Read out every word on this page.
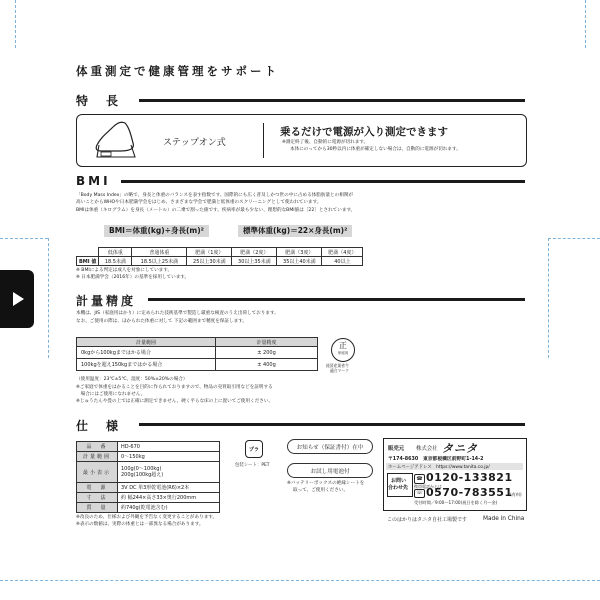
体重測定で健康管理をサポート
特　長
ステップオン式
乗るだけで電源が入り測定できます
※測定終了後、自動的に電源が切れます。
本体にのってから30秒以内に体重が確定しない場合は、自動的に電源が切れます。
BMI
「Body Mass Index」の略で、身長と体重のバランスを表す指数です。国際的にも広く普及しかつ世の中に占める体脂肪量との相関が
高いことからWHOや日本肥満学会をはじめ、さまざまな学会で肥満と低体重のスクリーニングとして使われています。
BMIは体重（キログラム）を身長（メートル）の二乗で割った値です。疾病率が最も少ない、理想的なBMI値は［22］とされています。
BMI＝体重(kg)÷身長(m)²	標準体重(kg)＝22×身長(m)²
	低体重	普通体重	肥満（1度）	肥満（2度）	肥満（3度）	肥満（4度）
BMI 値	18.5未満	18.5以上25未満	25以上30未満	30以上35未満	35以上40未満	40以上
※ BMIによる判定は成人を対象にしています。
※ 日本肥満学会（2016年）の基準を採用しています。
計量精度
本機は、JIS（家庭用はかり）に定められた技術基準で製造し厳重な検査のうえ出荷しております。
なお、ご使用の際は、ほかられた体重に対して 下記の範囲まで精度を保証します。
計量範囲	計量精度
0kgから100kgまではかる場合	± 200g
100kgを超え150kgまではかる場合	± 400g
正
家庭用
経済産業省令
適合マーク
（使用温度：23℃±5℃、湿度：50%±20%の場合）
※ご家庭で体重をはかることを目的に作られておりますので、物品の売買取引用などを証明する
　場合にはご使用になれません。
※じゅうたんや畳の上では正確に測定できません。硬く平らな床の上に置いてご使用ください。
仕　様
品　番	HD-670
計量範囲	0～150kg
最小表示	100g(0～100kg)
200g(100kg超え)
電　源	3V DC 単3形乾電池(R6)×2本
寸　法	約 幅244×高さ33×奥行200mm
質　量	約740g(乾電池含む)
※改良のため、仕様および外観を予告なく変更することがあります。
※表示の数値は、実際の体重とは一部異なる場合があります。
プラ
包装シート：PET
お知らせ（保証書付）在中
お試し用電池付
※バッテリーボックスの絶縁シートを
取って、ご使用ください。
販売元 株式会社 タニタ
〒174-8630　東京都板橋区前野町1-14-2
ホームページアドレス　https://www.tanita.co.jp/
お問い
合わせ先
☎ 0120-133821
携帯電話からは
☏ 0570-783551
(有料)
受付時間／9:00～17:00(祝日を除く月～金)
このはかりはタニタ自社工場製です	Made in China
